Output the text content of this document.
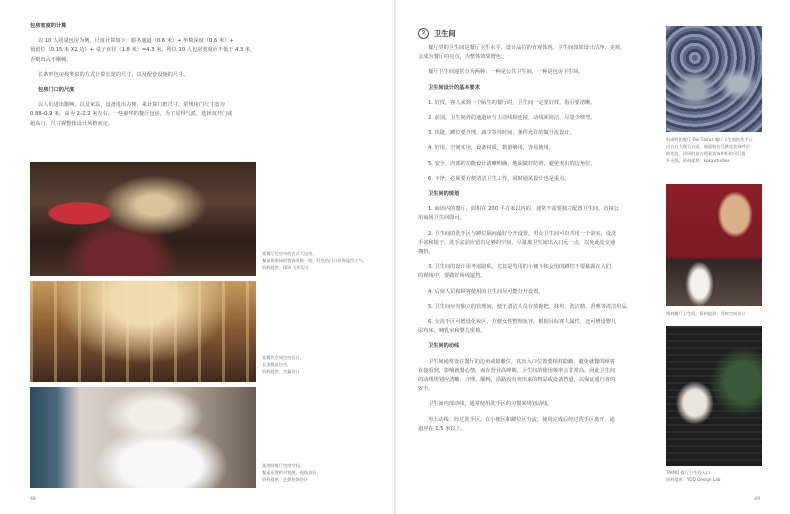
包房宽度的计算

以 10 人圆桌包房为例，尺度计算如下：服务通道（0.6 米）+ 坐椅深度（0.6 米）+

预留位（0.15 米 X2 边）+ 桌子直径（1.8 米）=4.3 米。所以 10 人包房宽度应不低于 4.3 米，

否则出入不顺畅。

长条形包房按类似的方式计算长宽的尺寸，以及配套设施的尺寸。

包房门口的尺度

以人们进出顺畅，以及家具、设备进出方便，来计算门框尺寸。常规用门尺寸宽为

0.88–0.9 米，高为 2–2.2 米左右。一些豪华的餐厅包房，为了显得气派，选择双开门或

超高门，尺寸视整体设计风格而定。

某餐厅包房中的古式大包房，

餐桌和座椅的装饰风格一致，红色的门口装饰显得大气。

资料提供：OFA 飞形设计

某餐饮空间包房设计，

长条餐桌包房，

资料提供：杰鑫设计

某海鲜餐厅包房空间，

餐桌布置相对宽敞，视线良好，

资料提供：艺鼎装饰设计

48
9	卫生间

餐厅里的卫生间是餐厅卫生水平、设计品位的直观体现。卫生间如果设计洁净、美观，

会成为餐厅的亮点，为整体效果增色。

餐厅卫生间通常分为两种：一种是公共卫生间，一种是包房卫生间。

卫生间设计的基本要求

1. 好找。客人来到一个陌生的餐厅时，卫生间一定要好找，指引要清晰。

2. 前别。卫生间外的通道应与主动线相连接，动线须简洁，尽量少绕弯。

3. 快捷。蹲位要合理，减少等待时间，条件允许的做分流设计。

4. 好用。空间实用，设备材质，数量够用，容易使用。

5. 安全。内部的功能设计清晰明确，地面做好防滑，避免突出的边角位。

6. 卡净。必须要方便清洁卫生工作，同时通风设计也是重点。

卫生间的规划

1. 商场内的餐厅，面积在 200 平方米以内的，通常不需要独立配置卫生间，直接公

用商场卫生间即可。

2. 卫生间的洗手区与蹲位隔间最好分开设置。男女卫生间可以共用一个前室，设洗

手盆和镜子。洗手盆前应留有足够的空间，尽量离卫生间出入口远一点，以免此处交通

拥挤。

3. 卫生间的设计需考虑隐私，尤其是男用的小便斗和女用的蹲位不要暴露在人们

的视线中，要做好视线遮挡。

4. 后厨人员和顾客使用的卫生间尽可能分开设置。

5. 卫生间应有独立的管理间，便于清洁人员存放拖把、抹布、洗洁精、香薰等清洁用品。

6. 女洗手区可增设化妆区，方便女性整理妆容。根据目标客人属性，还可增设婴儿

尿布床、哺乳室和婴儿座椅。

卫生间的动线

卫生间通常设在餐厅的边角或隐蔽位，其出入口位置要相对隐蔽，避免就餐的顾客

直接看到，影响就餐心情。而在营业高峰期，卫生间的使用频率会非常高。因此卫生间

的动线规划应清晰、合理、顺畅，沿路没有突出来的物品或设备挡道，以保证通行者的

安全。

卫生间内部动线，通常使用洗手区的习惯来规划动线。

男士动线：经过洗手区，在小便区和蹲位区分流，使用完成后经过洗手区离开，通

道应在 1.5 米以上。

科威特的餐厅 Dar Fairuz 餐厅卫生间的洗手台

出自白大理石台面，墙面贴有马赛克装饰呼应

的花纹，四周的复古图案装饰和柜的吊灯提

升无线。资料提供：kokaistudios

梅林餐厅卫生间。资料提供：壹树空间设计

TAIMO 餐厅卫生间入口

资料提供：YOD Design Lab

49
